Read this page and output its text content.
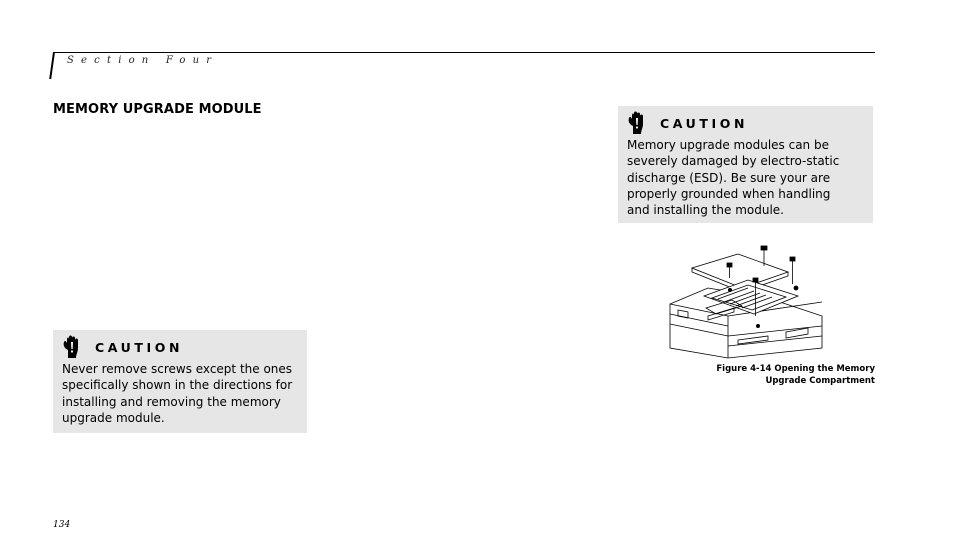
Section Four
MEMORY UPGRADE MODULE
CAUTION
Memory upgrade modules can be
severely damaged by electro-static
discharge (ESD). Be sure your are
properly grounded when handling
and installing the module.
CAUTION
Never remove screws except the ones
specifically shown in the directions for
installing and removing the memory
upgrade module.
Figure 4-14 Opening the Memory
Upgrade Compartment
134
